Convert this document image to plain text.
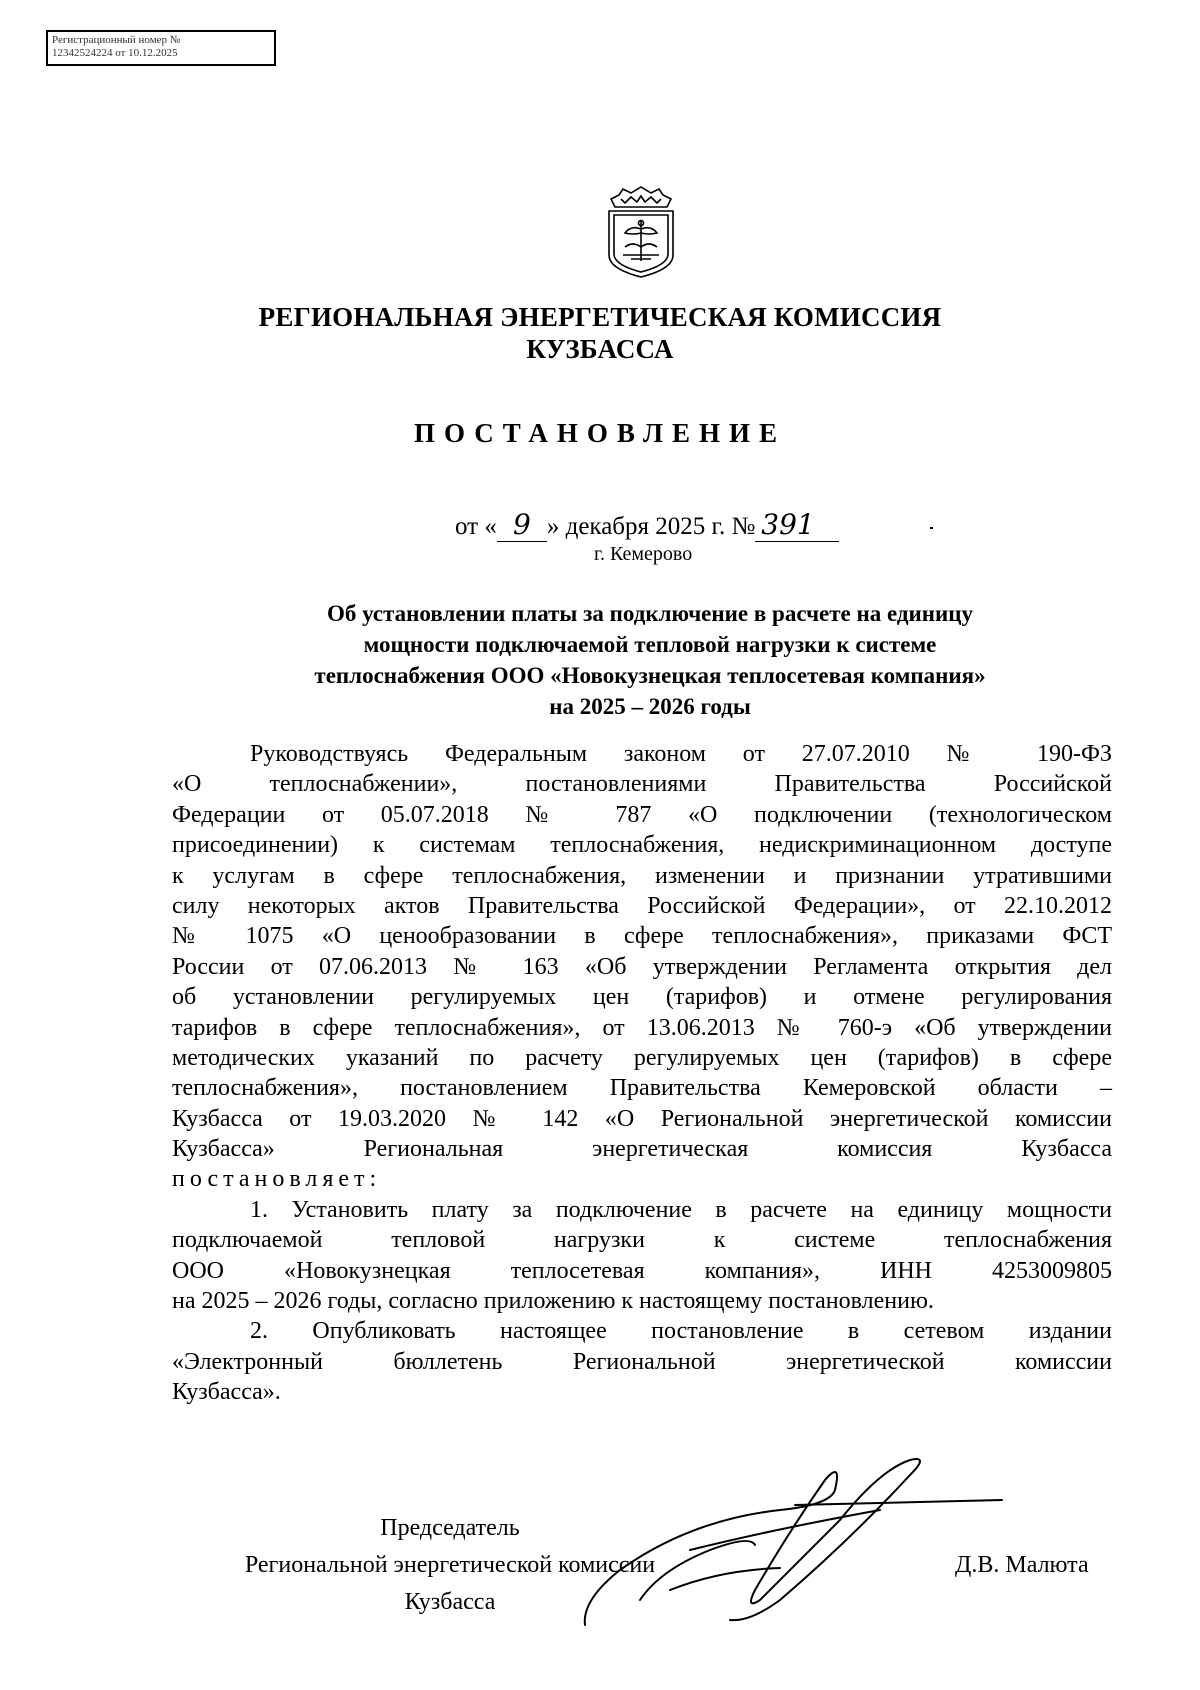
Регистрационный номер №
12342524224 от 10.12.2025
РЕГИОНАЛЬНАЯ ЭНЕРГЕТИЧЕСКАЯ КОМИССИЯ
КУЗБАССА
ПОСТАНОВЛЕНИЕ
от « 9 » декабря 2025 г. № 391
г. Кемерово
Об установлении платы за подключение в расчете на единицу
мощности подключаемой тепловой нагрузки к системе
теплоснабжения ООО «Новокузнецкая теплосетевая компания»
на 2025 – 2026 годы
Руководствуясь Федеральным законом от 27.07.2010 № 190-ФЗ
«О теплоснабжении», постановлениями Правительства Российской
Федерации от 05.07.2018 № 787 «О подключении (технологическом
присоединении) к системам теплоснабжения, недискриминационном доступе
к услугам в сфере теплоснабжения, изменении и признании утратившими
силу некоторых актов Правительства Российской Федерации», от 22.10.2012
№ 1075 «О ценообразовании в сфере теплоснабжения», приказами ФСТ
России от 07.06.2013 № 163 «Об утверждении Регламента открытия дел
об установлении регулируемых цен (тарифов) и отмене регулирования
тарифов в сфере теплоснабжения», от 13.06.2013 № 760-э «Об утверждении
методических указаний по расчету регулируемых цен (тарифов) в сфере
теплоснабжения», постановлением Правительства Кемеровской области –
Кузбасса от 19.03.2020 № 142 «О Региональной энергетической комиссии
Кузбасса» Региональная энергетическая комиссия Кузбасса
постановляет:
1. Установить плату за подключение в расчете на единицу мощности
подключаемой тепловой нагрузки к системе теплоснабжения
ООО «Новокузнецкая теплосетевая компания», ИНН 4253009805
на 2025 – 2026 годы, согласно приложению к настоящему постановлению.
2. Опубликовать настоящее постановление в сетевом издании
«Электронный бюллетень Региональной энергетической комиссии
Кузбасса».
Председатель
Региональной энергетической комиссии
Кузбасса
Д.В. Малюта
